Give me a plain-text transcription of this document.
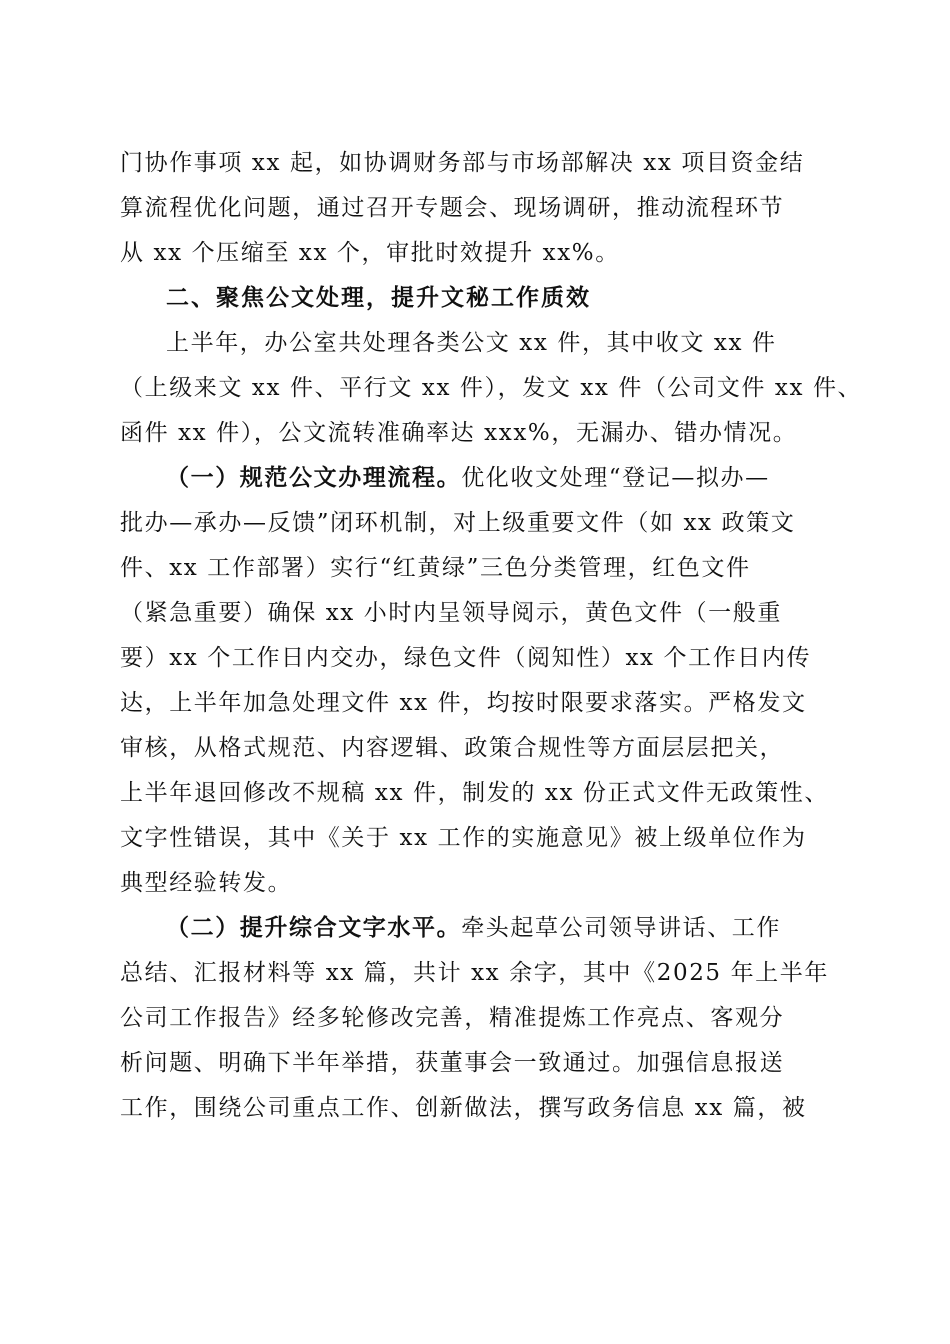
门协作事项 xx 起，如协调财务部与市场部解决 xx 项目资金结
算流程优化问题，通过召开专题会、现场调研，推动流程环节
从 xx 个压缩至 xx 个，审批时效提升 xx%。
二、聚焦公文处理，提升文秘工作质效
上半年，办公室共处理各类公文 xx 件，其中收文 xx 件
（上级来文 xx 件、平行文 xx 件），发文 xx 件（公司文件 xx 件、
函件 xx 件），公文流转准确率达 xxx%，无漏办、错办情况。
（一）规范公文办理流程。优化收文处理“登记—拟办—
批办—承办—反馈”闭环机制，对上级重要文件（如 xx 政策文
件、xx 工作部署）实行“红黄绿”三色分类管理，红色文件
（紧急重要）确保 xx 小时内呈领导阅示，黄色文件（一般重
要）xx 个工作日内交办，绿色文件（阅知性）xx 个工作日内传
达，上半年加急处理文件 xx 件，均按时限要求落实。严格发文
审核，从格式规范、内容逻辑、政策合规性等方面层层把关，
上半年退回修改不规稿 xx 件，制发的 xx 份正式文件无政策性、
文字性错误，其中《关于 xx 工作的实施意见》被上级单位作为
典型经验转发。
（二）提升综合文字水平。牵头起草公司领导讲话、工作
总结、汇报材料等 xx 篇，共计 xx 余字，其中《2025 年上半年
公司工作报告》经多轮修改完善，精准提炼工作亮点、客观分
析问题、明确下半年举措，获董事会一致通过。加强信息报送
工作，围绕公司重点工作、创新做法，撰写政务信息 xx 篇，被
